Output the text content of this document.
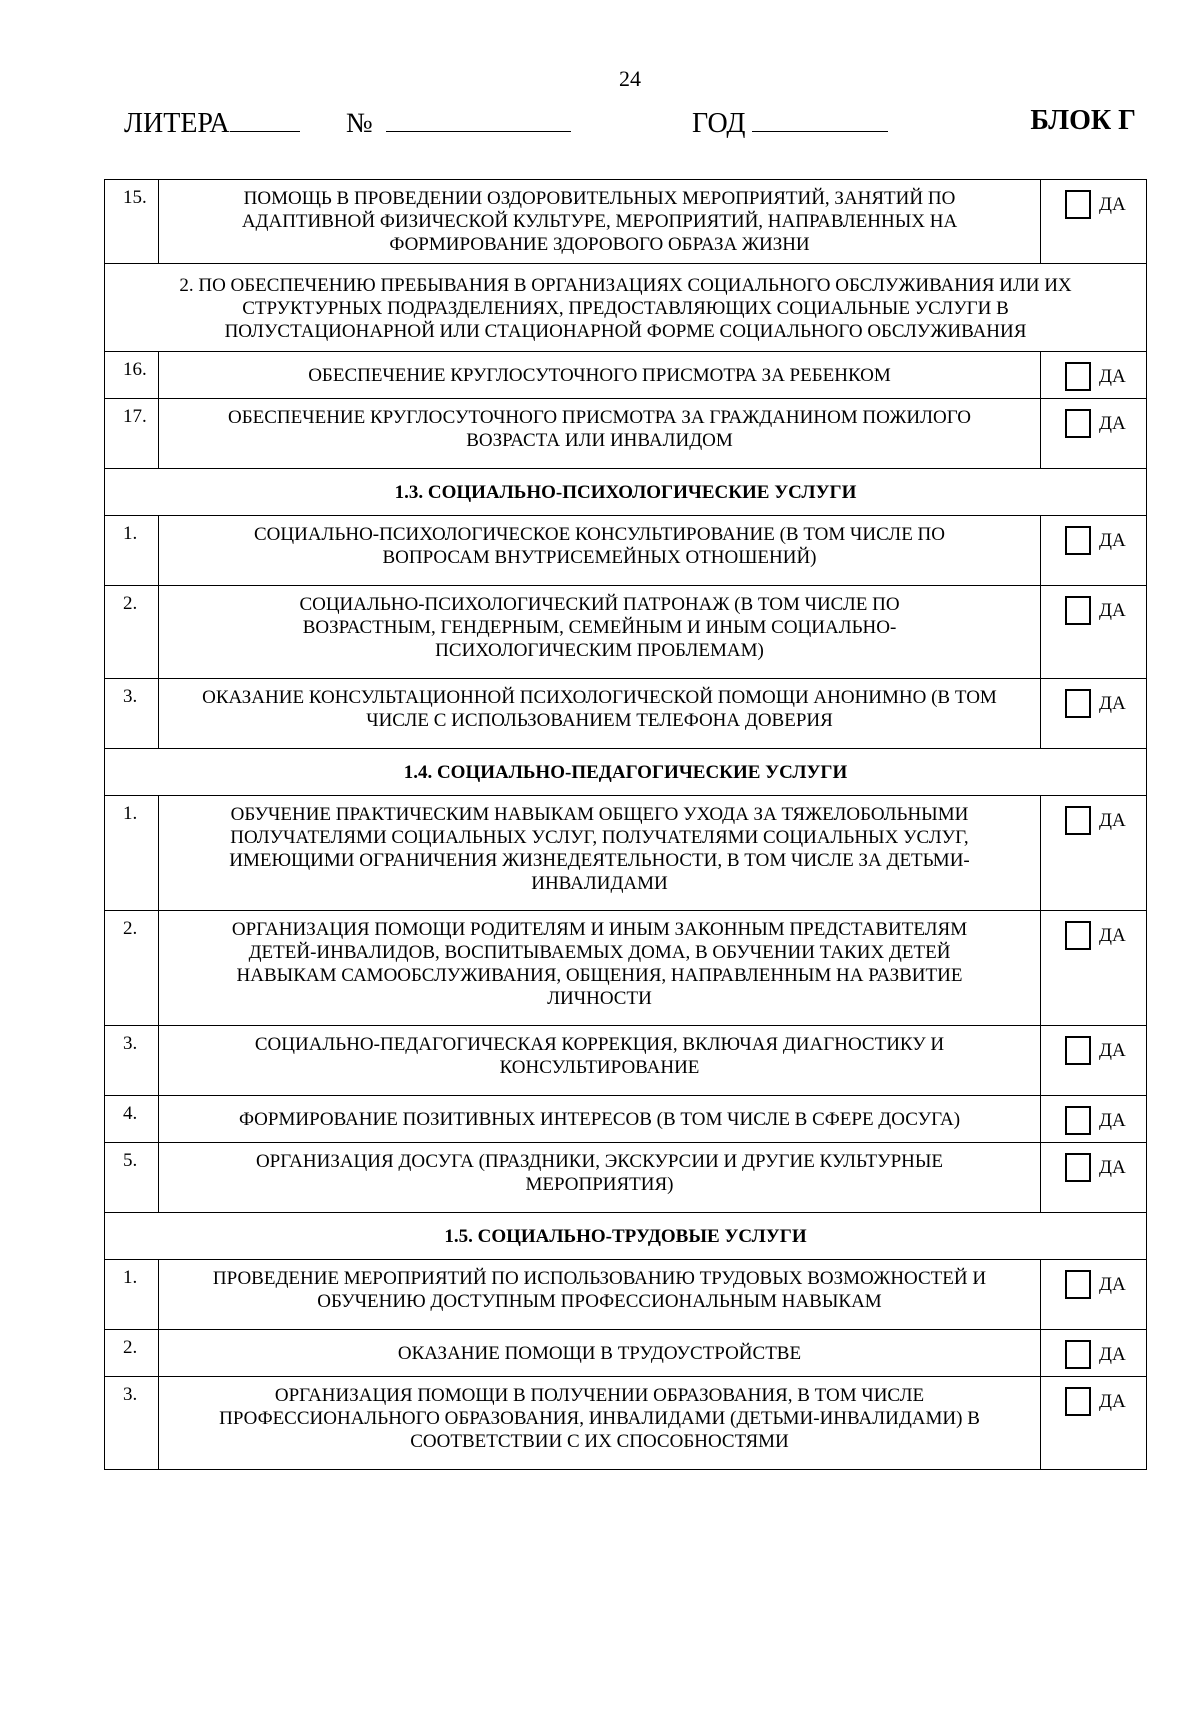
24
ЛИТЕРА	№	ГОД	БЛОК Г
15.	ПОМОЩЬ В ПРОВЕДЕНИИ ОЗДОРОВИТЕЛЬНЫХ МЕРОПРИЯТИЙ, ЗАНЯТИЙ ПО АДАПТИВНОЙ ФИЗИЧЕСКОЙ КУЛЬТУРЕ, МЕРОПРИЯТИЙ, НАПРАВЛЕННЫХ НА ФОРМИРОВАНИЕ ЗДОРОВОГО ОБРАЗА ЖИЗНИ	ДА
2. ПО ОБЕСПЕЧЕНИЮ ПРЕБЫВАНИЯ В ОРГАНИЗАЦИЯХ СОЦИАЛЬНОГО ОБСЛУЖИВАНИЯ ИЛИ ИХ СТРУКТУРНЫХ ПОДРАЗДЕЛЕНИЯХ, ПРЕДОСТАВЛЯЮЩИХ СОЦИАЛЬНЫЕ УСЛУГИ В ПОЛУСТАЦИОНАРНОЙ ИЛИ СТАЦИОНАРНОЙ ФОРМЕ СОЦИАЛЬНОГО ОБСЛУЖИВАНИЯ		
16.	ОБЕСПЕЧЕНИЕ КРУГЛОСУТОЧНОГО ПРИСМОТРА ЗА РЕБЕНКОМ	ДА
17.	ОБЕСПЕЧЕНИЕ КРУГЛОСУТОЧНОГО ПРИСМОТРА ЗА ГРАЖДАНИНОМ ПОЖИЛОГО ВОЗРАСТА ИЛИ ИНВАЛИДОМ	ДА
1.3. СОЦИАЛЬНО-ПСИХОЛОГИЧЕСКИЕ УСЛУГИ		
1.	СОЦИАЛЬНО-ПСИХОЛОГИЧЕСКОЕ КОНСУЛЬТИРОВАНИЕ (В ТОМ ЧИСЛЕ ПО ВОПРОСАМ ВНУТРИСЕМЕЙНЫХ ОТНОШЕНИЙ)	ДА
2.	СОЦИАЛЬНО-ПСИХОЛОГИЧЕСКИЙ ПАТРОНАЖ (В ТОМ ЧИСЛЕ ПО ВОЗРАСТНЫМ, ГЕНДЕРНЫМ, СЕМЕЙНЫМ И ИНЫМ СОЦИАЛЬНО-ПСИХОЛОГИЧЕСКИМ ПРОБЛЕМАМ)	ДА
3.	ОКАЗАНИЕ КОНСУЛЬТАЦИОННОЙ ПСИХОЛОГИЧЕСКОЙ ПОМОЩИ АНОНИМНО (В ТОМ ЧИСЛЕ С ИСПОЛЬЗОВАНИЕМ ТЕЛЕФОНА ДОВЕРИЯ	ДА
1.4. СОЦИАЛЬНО-ПЕДАГОГИЧЕСКИЕ УСЛУГИ		
1.	ОБУЧЕНИЕ ПРАКТИЧЕСКИМ НАВЫКАМ ОБЩЕГО УХОДА ЗА ТЯЖЕЛОБОЛЬНЫМИ ПОЛУЧАТЕЛЯМИ СОЦИАЛЬНЫХ УСЛУГ, ПОЛУЧАТЕЛЯМИ СОЦИАЛЬНЫХ УСЛУГ, ИМЕЮЩИМИ ОГРАНИЧЕНИЯ ЖИЗНЕДЕЯТЕЛЬНОСТИ, В ТОМ ЧИСЛЕ ЗА ДЕТЬМИ-ИНВАЛИДАМИ	ДА
2.	ОРГАНИЗАЦИЯ ПОМОЩИ РОДИТЕЛЯМ И ИНЫМ ЗАКОННЫМ ПРЕДСТАВИТЕЛЯМ ДЕТЕЙ-ИНВАЛИДОВ, ВОСПИТЫВАЕМЫХ ДОМА, В ОБУЧЕНИИ ТАКИХ ДЕТЕЙ НАВЫКАМ САМООБСЛУЖИВАНИЯ, ОБЩЕНИЯ, НАПРАВЛЕННЫМ НА РАЗВИТИЕ ЛИЧНОСТИ	ДА
3.	СОЦИАЛЬНО-ПЕДАГОГИЧЕСКАЯ КОРРЕКЦИЯ, ВКЛЮЧАЯ ДИАГНОСТИКУ И КОНСУЛЬТИРОВАНИЕ	ДА
4.	ФОРМИРОВАНИЕ ПОЗИТИВНЫХ ИНТЕРЕСОВ (В ТОМ ЧИСЛЕ В СФЕРЕ ДОСУГА)	ДА
5.	ОРГАНИЗАЦИЯ ДОСУГА (ПРАЗДНИКИ, ЭКСКУРСИИ И ДРУГИЕ КУЛЬТУРНЫЕ МЕРОПРИЯТИЯ)	ДА
1.5. СОЦИАЛЬНО-ТРУДОВЫЕ УСЛУГИ		
1.	ПРОВЕДЕНИЕ МЕРОПРИЯТИЙ ПО ИСПОЛЬЗОВАНИЮ ТРУДОВЫХ ВОЗМОЖНОСТЕЙ И ОБУЧЕНИЮ ДОСТУПНЫМ ПРОФЕССИОНАЛЬНЫМ НАВЫКАМ	ДА
2.	ОКАЗАНИЕ ПОМОЩИ В ТРУДОУСТРОЙСТВЕ	ДА
3.	ОРГАНИЗАЦИЯ ПОМОЩИ В ПОЛУЧЕНИИ ОБРАЗОВАНИЯ, В ТОМ ЧИСЛЕ ПРОФЕССИОНАЛЬНОГО ОБРАЗОВАНИЯ, ИНВАЛИДАМИ (ДЕТЬМИ-ИНВАЛИДАМИ) В СООТВЕТСТВИИ С ИХ СПОСОБНОСТЯМИ	ДА
